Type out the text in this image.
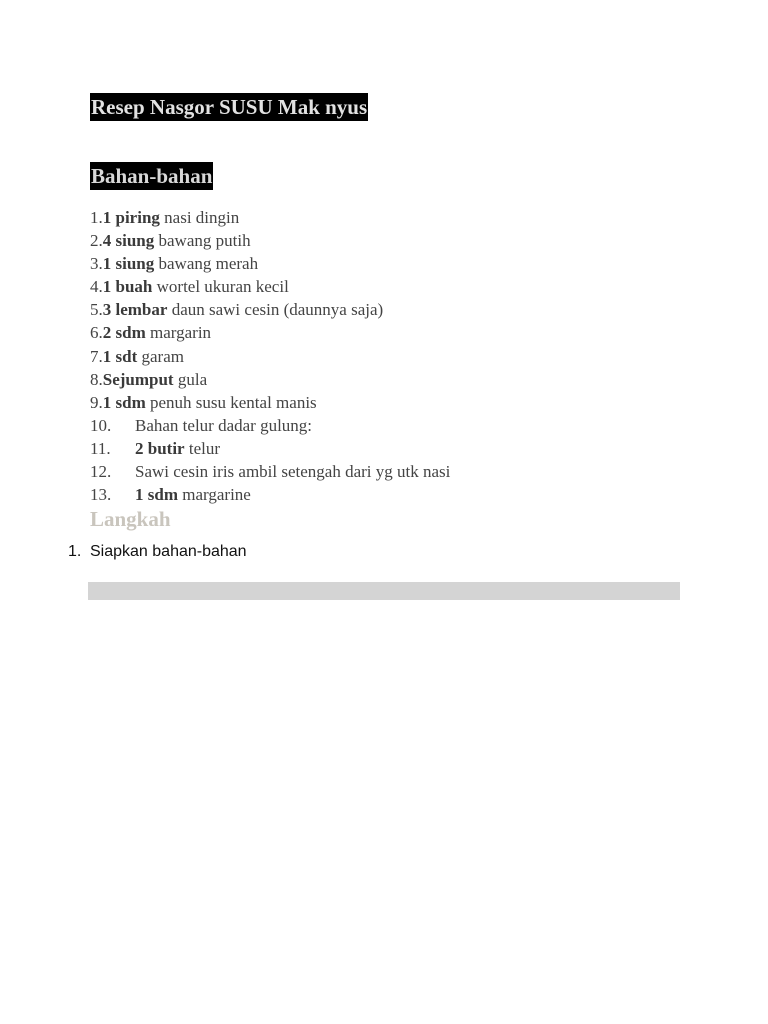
Resep Nasgor SUSU Mak nyus
Bahan-bahan
1.1 piring nasi dingin
2.4 siung bawang putih
3.1 siung bawang merah
4.1 buah wortel ukuran kecil
5.3 lembar daun sawi cesin (daunnya saja)
6.2 sdm margarin
7.1 sdt garam
8.Sejumput gula
9.1 sdm penuh susu kental manis
10. Bahan telur dadar gulung:
11. 2 butir telur
12. Sawi cesin iris ambil setengah dari yg utk nasi
13. 1 sdm margarine
Langkah
1. Siapkan bahan-bahan
